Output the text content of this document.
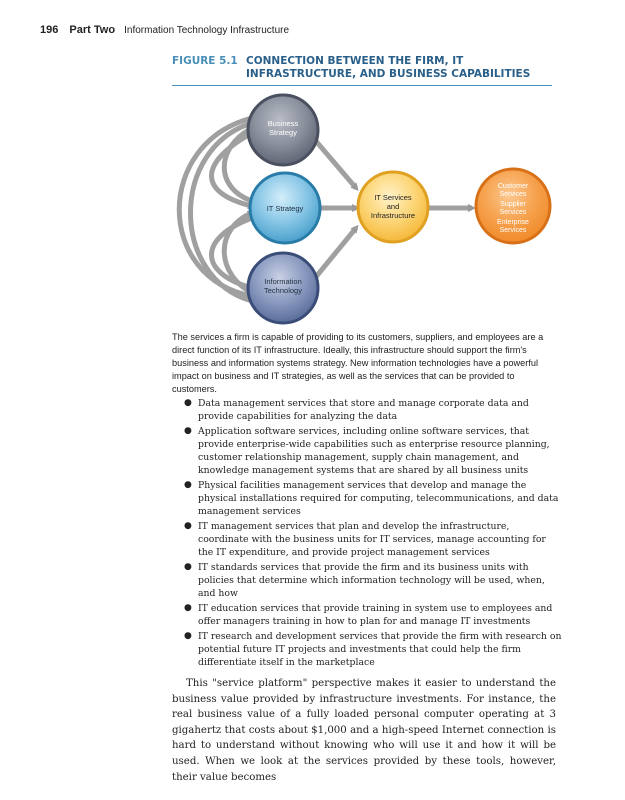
196 Part Two Information Technology Infrastructure
FIGURE 5.1 CONNECTION BETWEEN THE FIRM, IT INFRASTRUCTURE, AND BUSINESS CAPABILITIES
Business
Strategy
IT Strategy
Information
Technology
IT Services
and
Infrastructure
Customer
Services
Supplier
Services
Enterprise
Services
The services a firm is capable of providing to its customers, suppliers, and employees are a direct function of its IT infrastructure. Ideally, this infrastructure should support the firm's business and information systems strategy. New information technologies have a powerful impact on business and IT strategies, as well as the services that can be provided to customers.
● Data management services that store and manage corporate data and provide capabilities for analyzing the data
● Application software services, including online software services, that provide enterprise-wide capabilities such as enterprise resource planning, customer relationship management, supply chain management, and knowledge management systems that are shared by all business units
● Physical facilities management services that develop and manage the physical installations required for computing, telecommunications, and data management services
● IT management services that plan and develop the infrastructure, coordinate with the business units for IT services, manage accounting for the IT expenditure, and provide project management services
● IT standards services that provide the firm and its business units with policies that determine which information technology will be used, when, and how
● IT education services that provide training in system use to employees and offer managers training in how to plan for and manage IT investments
● IT research and development services that provide the firm with research on potential future IT projects and investments that could help the firm differentiate itself in the marketplace
This "service platform" perspective makes it easier to understand the business value provided by infrastructure investments. For instance, the real business value of a fully loaded personal computer operating at 3 gigahertz that costs about $1,000 and a high-speed Internet connection is hard to understand without knowing who will use it and how it will be used. When we look at the services provided by these tools, however, their value becomes
